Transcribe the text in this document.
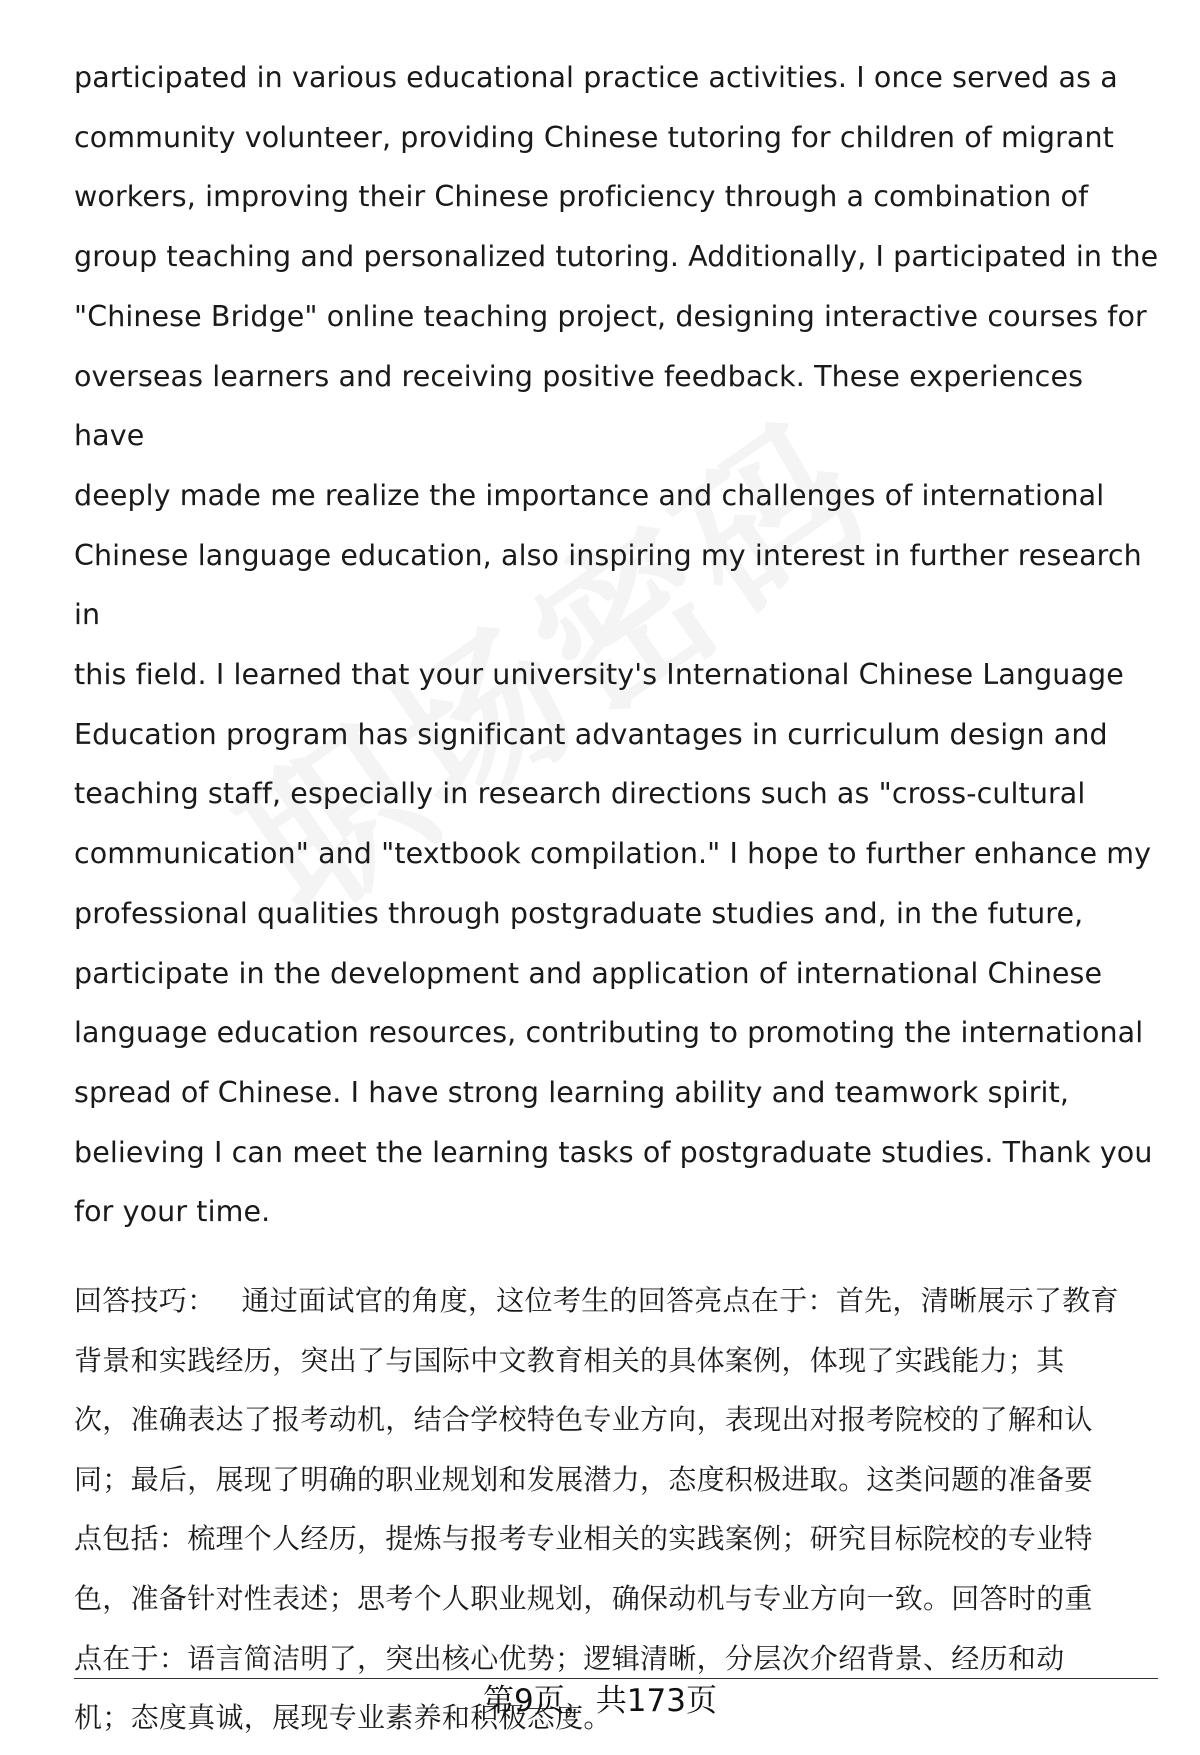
participated in various educational practice activities. I once served as a
community volunteer, providing Chinese tutoring for children of migrant
workers, improving their Chinese proficiency through a combination of
group teaching and personalized tutoring. Additionally, I participated in the
"Chinese Bridge" online teaching project, designing interactive courses for
overseas learners and receiving positive feedback. These experiences have
deeply made me realize the importance and challenges of international
Chinese language education, also inspiring my interest in further research in
this field. I learned that your university's International Chinese Language
Education program has significant advantages in curriculum design and
teaching staff, especially in research directions such as "cross-cultural
communication" and "textbook compilation." I hope to further enhance my
professional qualities through postgraduate studies and, in the future,
participate in the development and application of international Chinese
language education resources, contributing to promoting the international
spread of Chinese. I have strong learning ability and teamwork spirit,
believing I can meet the learning tasks of postgraduate studies. Thank you
for your time.

回答技巧： 通过面试官的角度，这位考生的回答亮点在于：首先，清晰展示了教育
背景和实践经历，突出了与国际中文教育相关的具体案例，体现了实践能力；其
次，准确表达了报考动机，结合学校特色专业方向，表现出对报考院校的了解和认
同；最后，展现了明确的职业规划和发展潜力，态度积极进取。这类问题的准备要
点包括：梳理个人经历，提炼与报考专业相关的实践案例；研究目标院校的专业特
色，准备针对性表述；思考个人职业规划，确保动机与专业方向一致。回答时的重
点在于：语言简洁明了，突出核心优势；逻辑清晰，分层次介绍背景、经历和动
机；态度真诚，展现专业素养和积极态度。

第9页，共173页
